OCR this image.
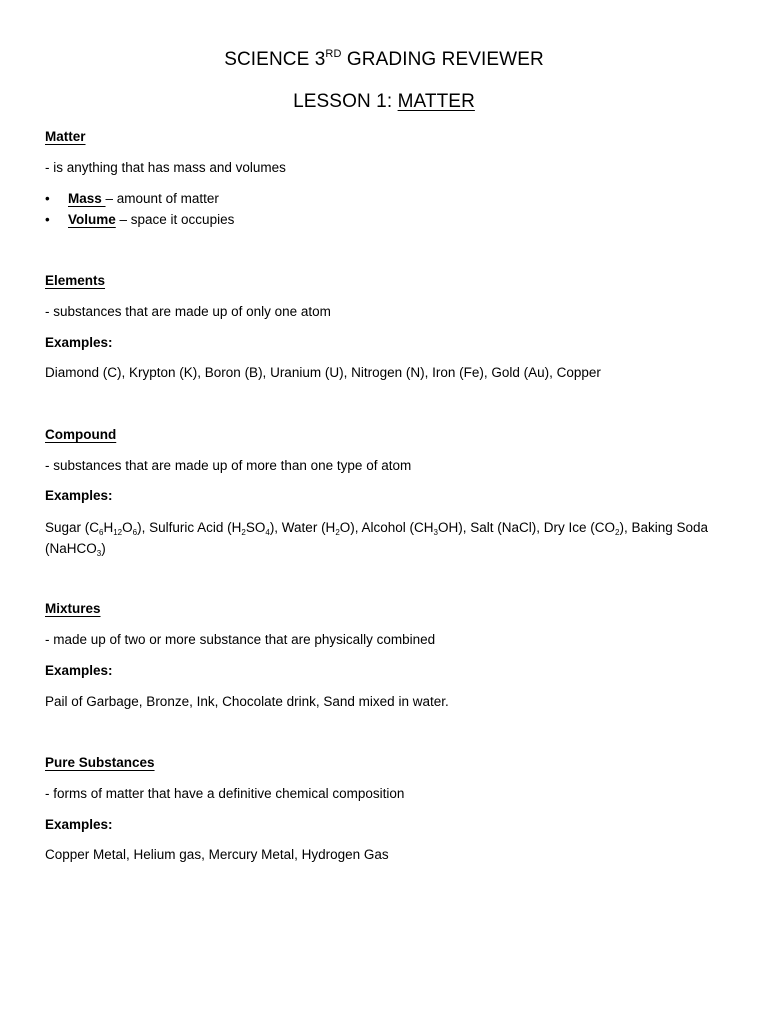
SCIENCE 3RD GRADING REVIEWER
LESSON 1: MATTER
Matter
- is anything that has mass and volumes
• Mass – amount of matter
• Volume – space it occupies
Elements
- substances that are made up of only one atom
Examples:
Diamond (C), Krypton (K), Boron (B), Uranium (U), Nitrogen (N), Iron (Fe), Gold (Au), Copper
Compound
- substances that are made up of more than one type of atom
Examples:
Sugar $(C_6H_{12}O_6)$, Sulfuric Acid $(H_2SO_4)$, Water $(H_2O)$, Alcohol $(CH_3OH)$, Salt (NaCl), Dry Ice $(CO_2)$, Baking Soda (NaHCO$_3$)
Mixtures
- made up of two or more substance that are physically combined
Examples:
Pail of Garbage, Bronze, Ink, Chocolate drink, Sand mixed in water.
Pure Substances
- forms of matter that have a definitive chemical composition
Examples:
Copper Metal, Helium gas, Mercury Metal, Hydrogen Gas
